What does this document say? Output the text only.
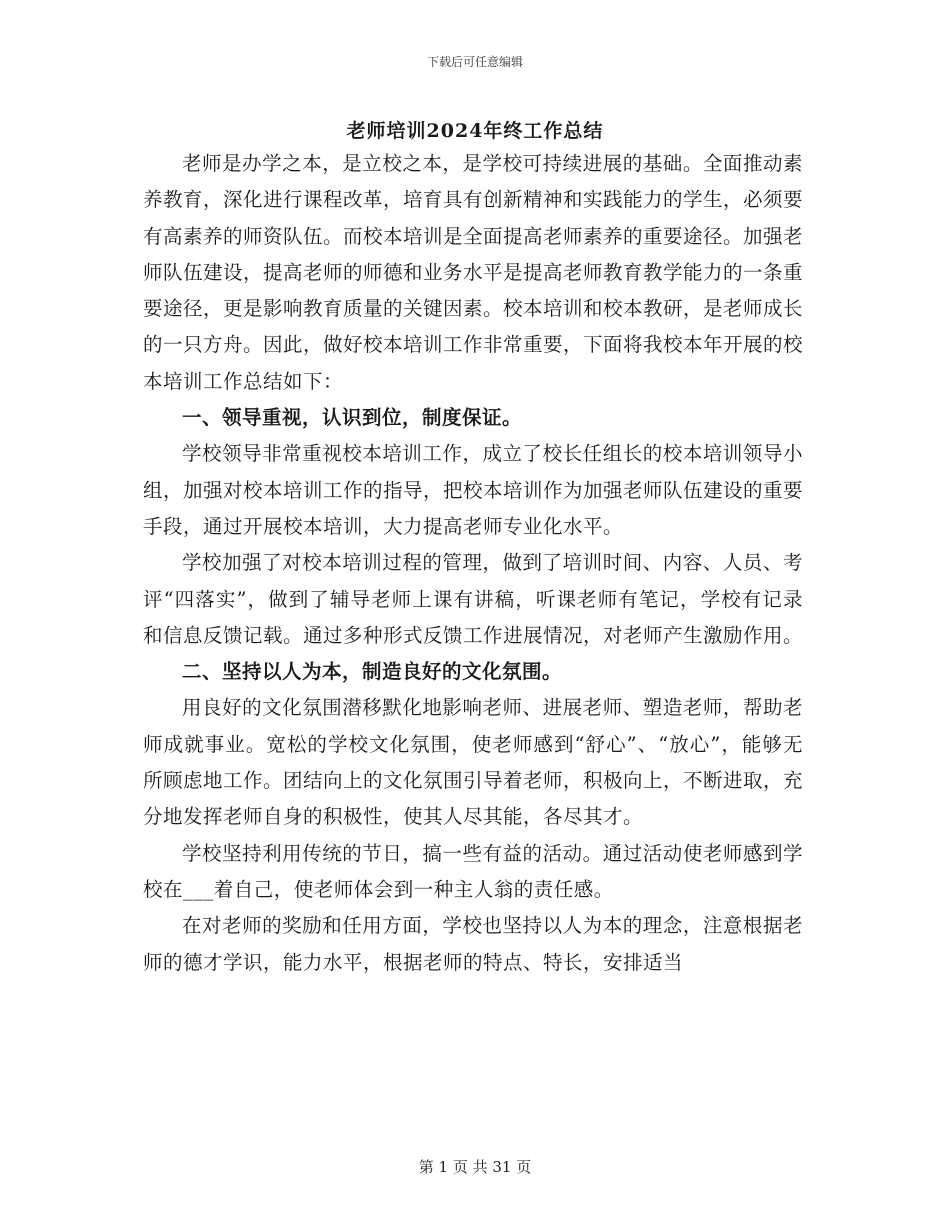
下载后可任意编辑
老师培训2024年终工作总结

老师是办学之本，是立校之本，是学校可持续进展的基础。全面推动素养教育，深化进行课程改革，培育具有创新精神和实践能力的学生，必须要有高素养的师资队伍。而校本培训是全面提高老师素养的重要途径。加强老师队伍建设，提高老师的师德和业务水平是提高老师教育教学能力的一条重要途径，更是影响教育质量的关键因素。校本培训和校本教研，是老师成长的一只方舟。因此，做好校本培训工作非常重要，下面将我校本年开展的校本培训工作总结如下：

一、领导重视，认识到位，制度保证。

学校领导非常重视校本培训工作，成立了校长任组长的校本培训领导小组，加强对校本培训工作的指导，把校本培训作为加强老师队伍建设的重要手段，通过开展校本培训，大力提高老师专业化水平。

学校加强了对校本培训过程的管理，做到了培训时间、内容、人员、考评“四落实”，做到了辅导老师上课有讲稿，听课老师有笔记，学校有记录和信息反馈记载。通过多种形式反馈工作进展情况，对老师产生激励作用。

二、坚持以人为本，制造良好的文化氛围。

用良好的文化氛围潜移默化地影响老师、进展老师、塑造老师，帮助老师成就事业。宽松的学校文化氛围，使老师感到“舒心”、“放心”，能够无所顾虑地工作。团结向上的文化氛围引导着老师，积极向上，不断进取，充分地发挥老师自身的积极性，使其人尽其能，各尽其才。

学校坚持利用传统的节日，搞一些有益的活动。通过活动使老师感到学校在___着自己，使老师体会到一种主人翁的责任感。

在对老师的奖励和任用方面，学校也坚持以人为本的理念，注意根据老师的德才学识，能力水平，根据老师的特点、特长，安排适当

第 1 页 共 31 页
